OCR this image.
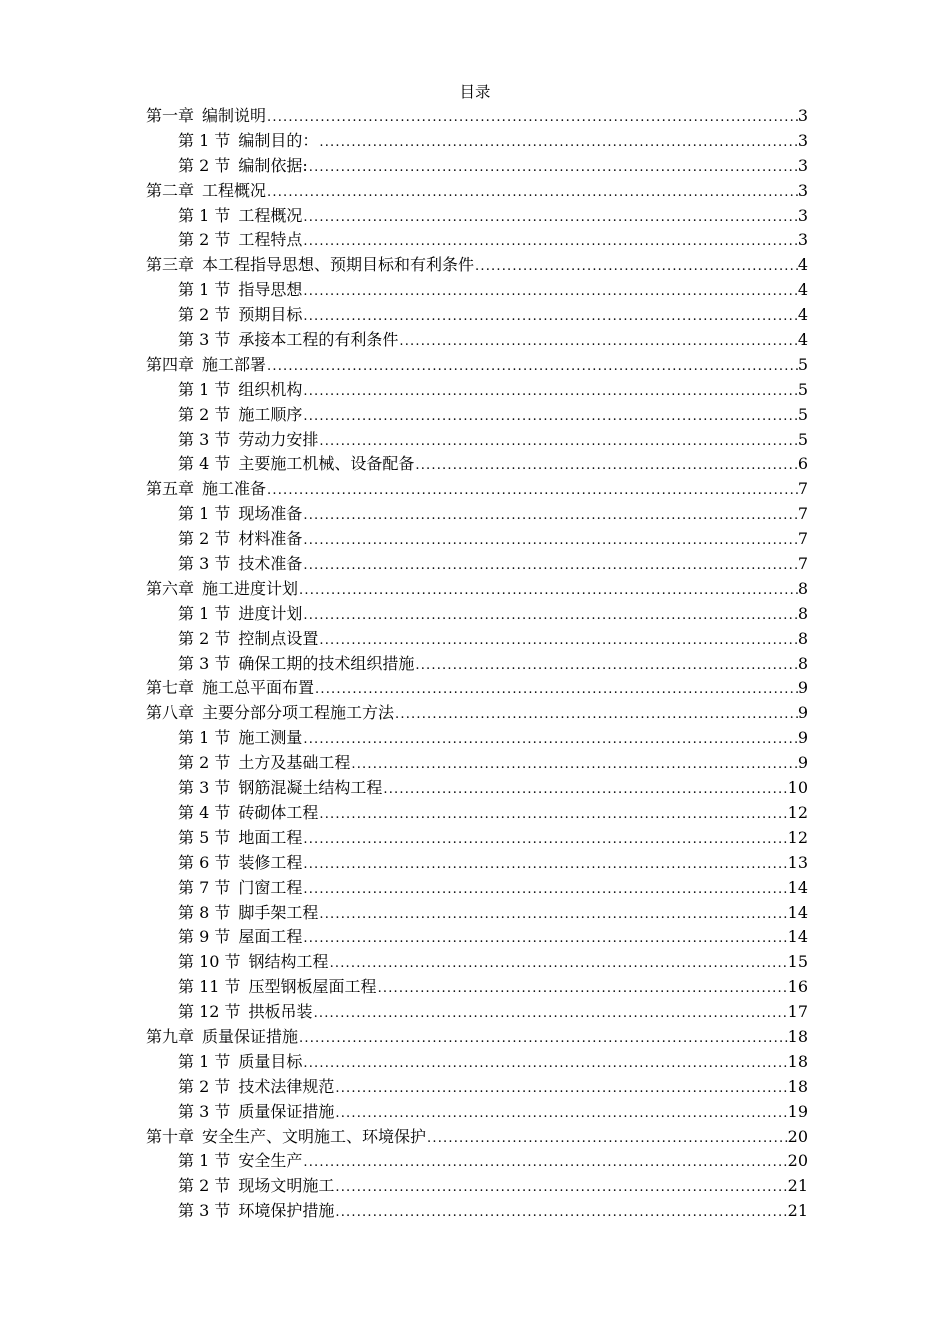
目录
第一章 编制说明 .....	3
第 1 节 编制目的： .....	3
第 2 节 编制依据: .....	3
第二章 工程概况 .....	3
第 1 节 工程概况 .....	3
第 2 节 工程特点 .....	3
第三章 本工程指导思想、预期目标和有利条件 .....	4
第 1 节 指导思想 .....	4
第 2 节 预期目标 .....	4
第 3 节 承接本工程的有利条件 .....	4
第四章 施工部署 .....	5
第 1 节 组织机构 .....	5
第 2 节 施工顺序 .....	5
第 3 节 劳动力安排 .....	5
第 4 节 主要施工机械、设备配备 .....	6
第五章 施工准备 .....	7
第 1 节 现场准备 .....	7
第 2 节 材料准备 .....	7
第 3 节 技术准备 .....	7
第六章 施工进度计划 .....	8
第 1 节 进度计划 .....	8
第 2 节 控制点设置 .....	8
第 3 节 确保工期的技术组织措施 .....	8
第七章 施工总平面布置 .....	9
第八章 主要分部分项工程施工方法 .....	9
第 1 节 施工测量 .....	9
第 2 节 土方及基础工程 .....	9
第 3 节 钢筋混凝土结构工程 .....	10
第 4 节 砖砌体工程 .....	12
第 5 节 地面工程 .....	12
第 6 节 装修工程 .....	13
第 7 节 门窗工程 .....	14
第 8 节 脚手架工程 .....	14
第 9 节 屋面工程 .....	14
第 10 节 钢结构工程 .....	15
第 11 节 压型钢板屋面工程 .....	16
第 12 节 拱板吊装 .....	17
第九章 质量保证措施 .....	18
第 1 节 质量目标 .....	18
第 2 节 技术法律规范 .....	18
第 3 节 质量保证措施 .....	19
第十章 安全生产、文明施工、环境保护 .....	20
第 1 节 安全生产 .....	20
第 2 节 现场文明施工 .....	21
第 3 节 环境保护措施 .....	21
